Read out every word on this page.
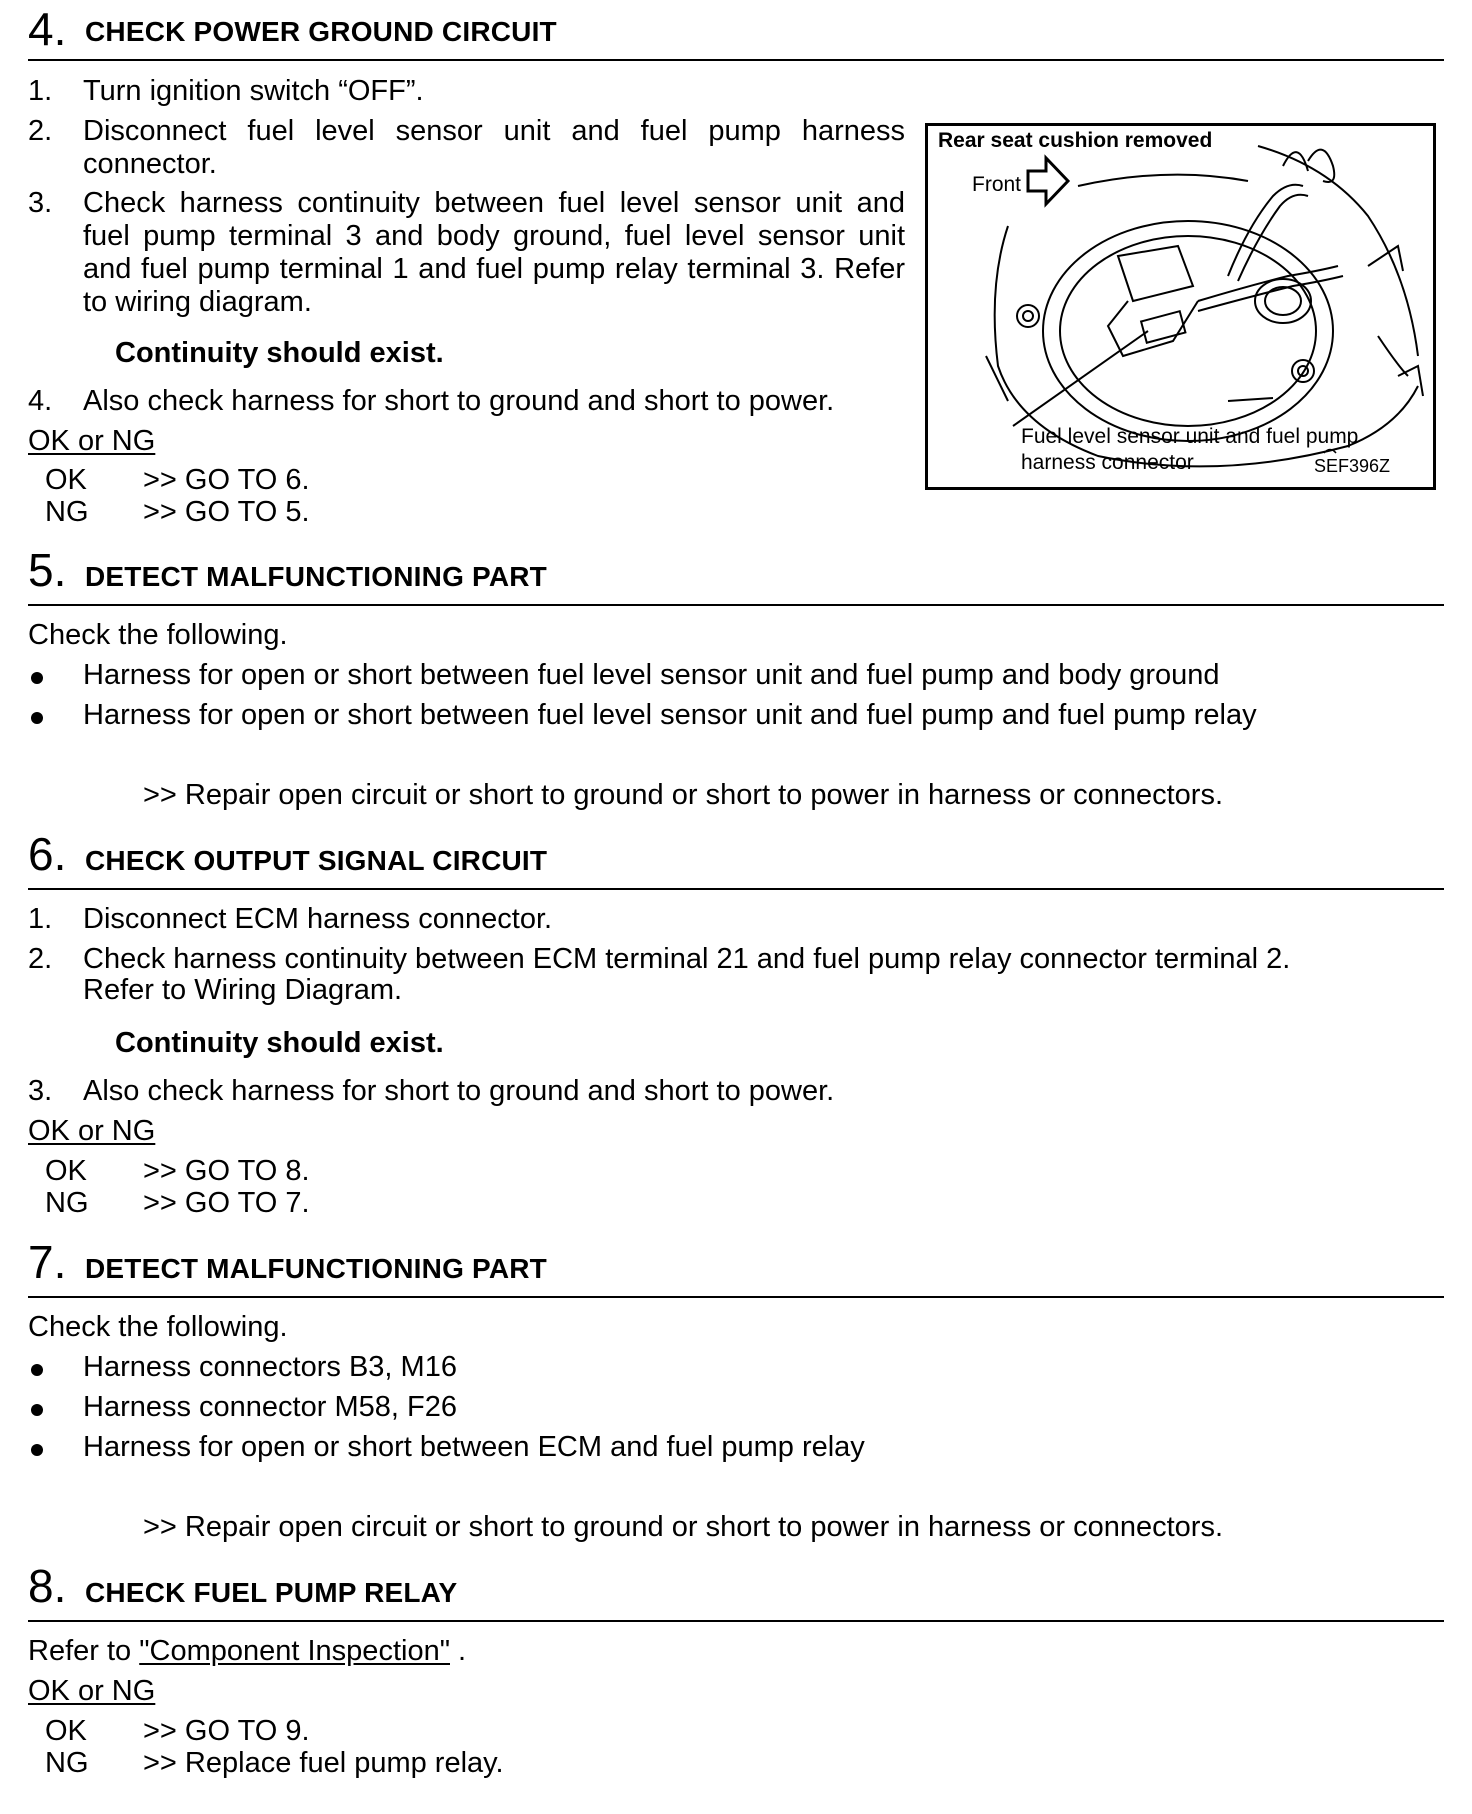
4. CHECK POWER GROUND CIRCUIT
1. Turn ignition switch “OFF”.
2. Disconnect fuel level sensor unit and fuel pump harness connector.
3. Check harness continuity between fuel level sensor unit and fuel pump terminal 3 and body ground, fuel level sensor unit and fuel pump terminal 1 and fuel pump relay terminal 3. Refer to wiring diagram.
Continuity should exist.
4. Also check harness for short to ground and short to power.
OK or NG
OK >> GO TO 6.
NG >> GO TO 5.
Rear seat cushion removed
Front
Fuel level sensor unit and fuel pump
harness connector	SEF396Z
5. DETECT MALFUNCTIONING PART
Check the following.
Harness for open or short between fuel level sensor unit and fuel pump and body ground
Harness for open or short between fuel level sensor unit and fuel pump and fuel pump relay
>> Repair open circuit or short to ground or short to power in harness or connectors.
6. CHECK OUTPUT SIGNAL CIRCUIT
1. Disconnect ECM harness connector.
2. Check harness continuity between ECM terminal 21 and fuel pump relay connector terminal 2.
Refer to Wiring Diagram.
Continuity should exist.
3. Also check harness for short to ground and short to power.
OK or NG
OK >> GO TO 8.
NG >> GO TO 7.
7. DETECT MALFUNCTIONING PART
Check the following.
Harness connectors B3, M16
Harness connector M58, F26
Harness for open or short between ECM and fuel pump relay
>> Repair open circuit or short to ground or short to power in harness or connectors.
8. CHECK FUEL PUMP RELAY
Refer to "Component Inspection" .
OK or NG
OK >> GO TO 9.
NG >> Replace fuel pump relay.
